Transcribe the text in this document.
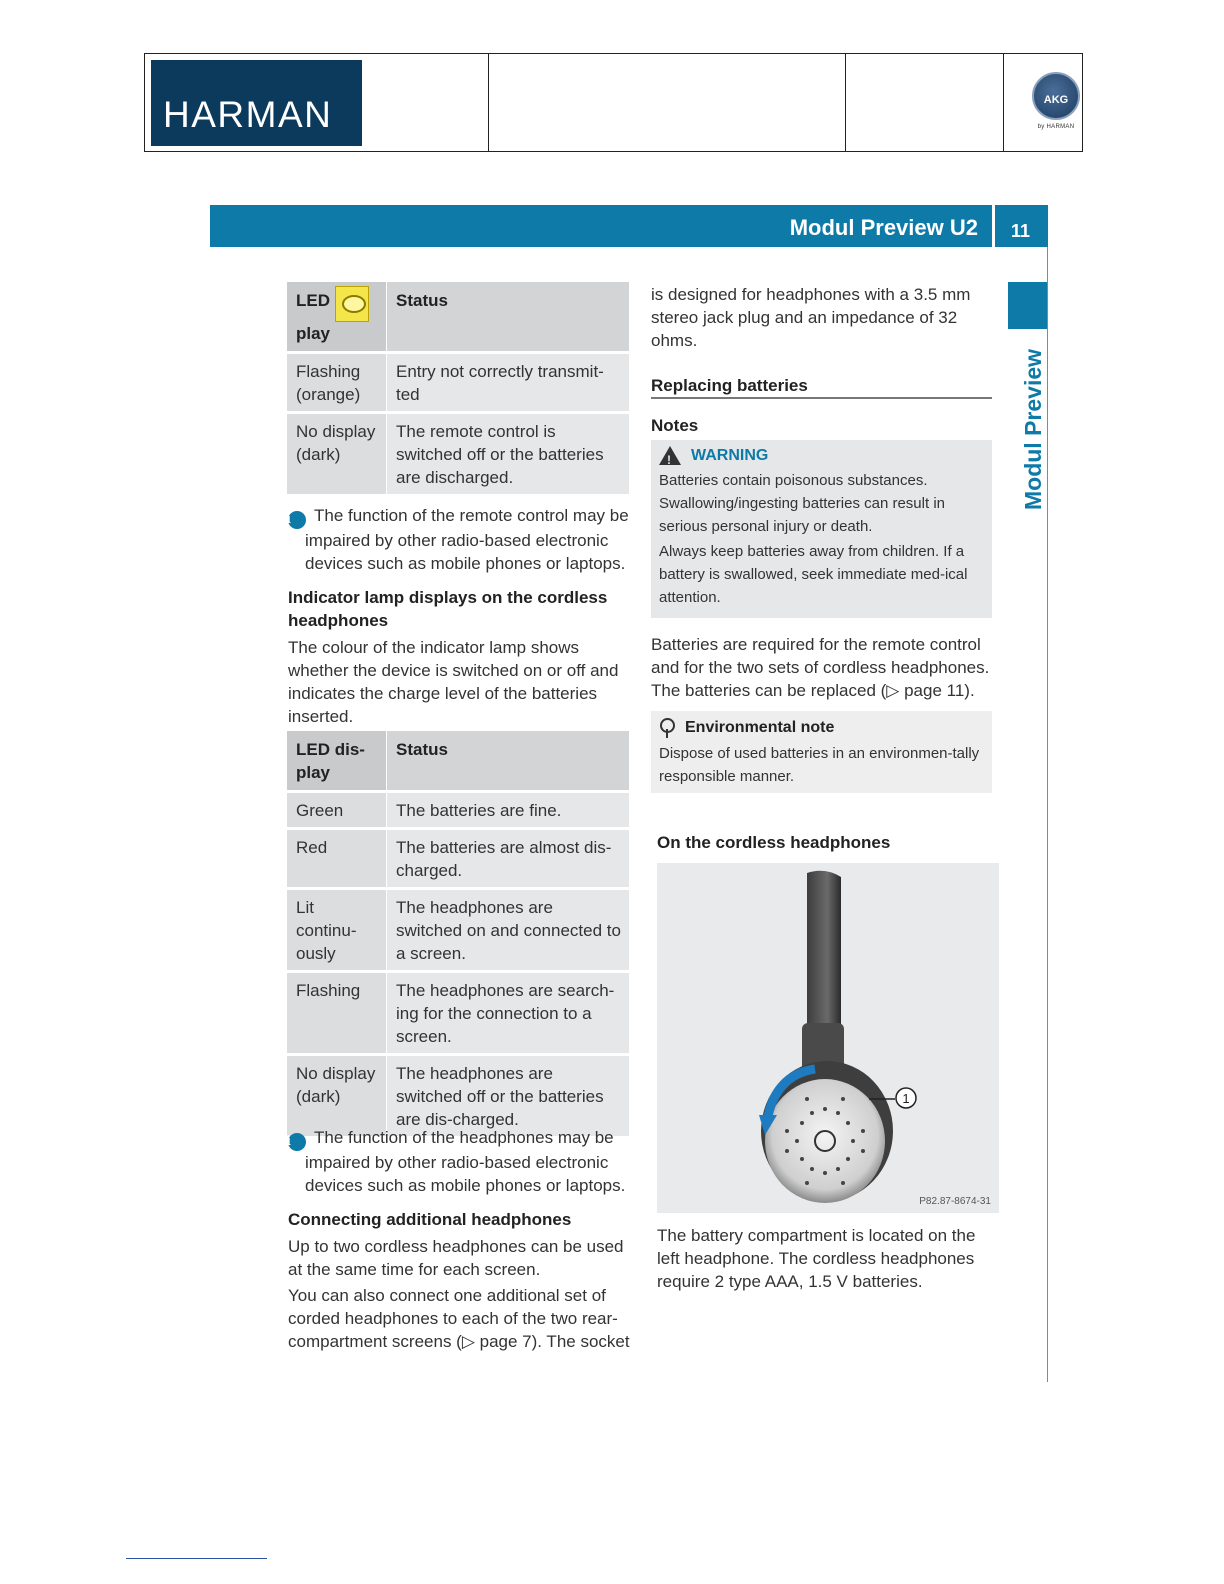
HARMAN	AKG
by HARMAN
Modul Preview U2	11
Modul Preview
LED
play	Status
Flashing (orange)	Entry not correctly transmit-ted
No display (dark)	The remote control is switched off or the batteries are discharged.
i The function of the remote control may be impaired by other radio-based electronic devices such as mobile phones or laptops.
Indicator lamp displays on the cordless headphones
The colour of the indicator lamp shows whether the device is switched on or off and indicates the charge level of the batteries inserted.
LED dis-play	Status
Green	The batteries are fine.
Red	The batteries are almost dis-charged.
Lit continu-ously	The headphones are switched on and connected to a screen.
Flashing	The headphones are search-ing for the connection to a screen.
No display (dark)	The headphones are switched off or the batteries are dis-charged.
i The function of the headphones may be impaired by other radio-based electronic devices such as mobile phones or laptops.
Connecting additional headphones
Up to two cordless headphones can be used at the same time for each screen.
You can also connect one additional set of corded headphones to each of the two rear-compartment screens (▷ page 7). The socket
is designed for headphones with a 3.5 mm stereo jack plug and an impedance of 32 ohms.
Replacing batteries
Notes
!
WARNING
Batteries contain poisonous substances. Swallowing/ingesting batteries can result in serious personal injury or death.
Always keep batteries away from children. If a battery is swallowed, seek immediate med-ical attention.
Batteries are required for the remote control and for the two sets of cordless headphones. The batteries can be replaced (▷ page 11).
Environmental note
Dispose of used batteries in an environmen-tally responsible manner.
On the cordless headphones
1
P82.87-8674-31
The battery compartment is located on the left headphone. The cordless headphones require 2 type AAA, 1.5 V batteries.
